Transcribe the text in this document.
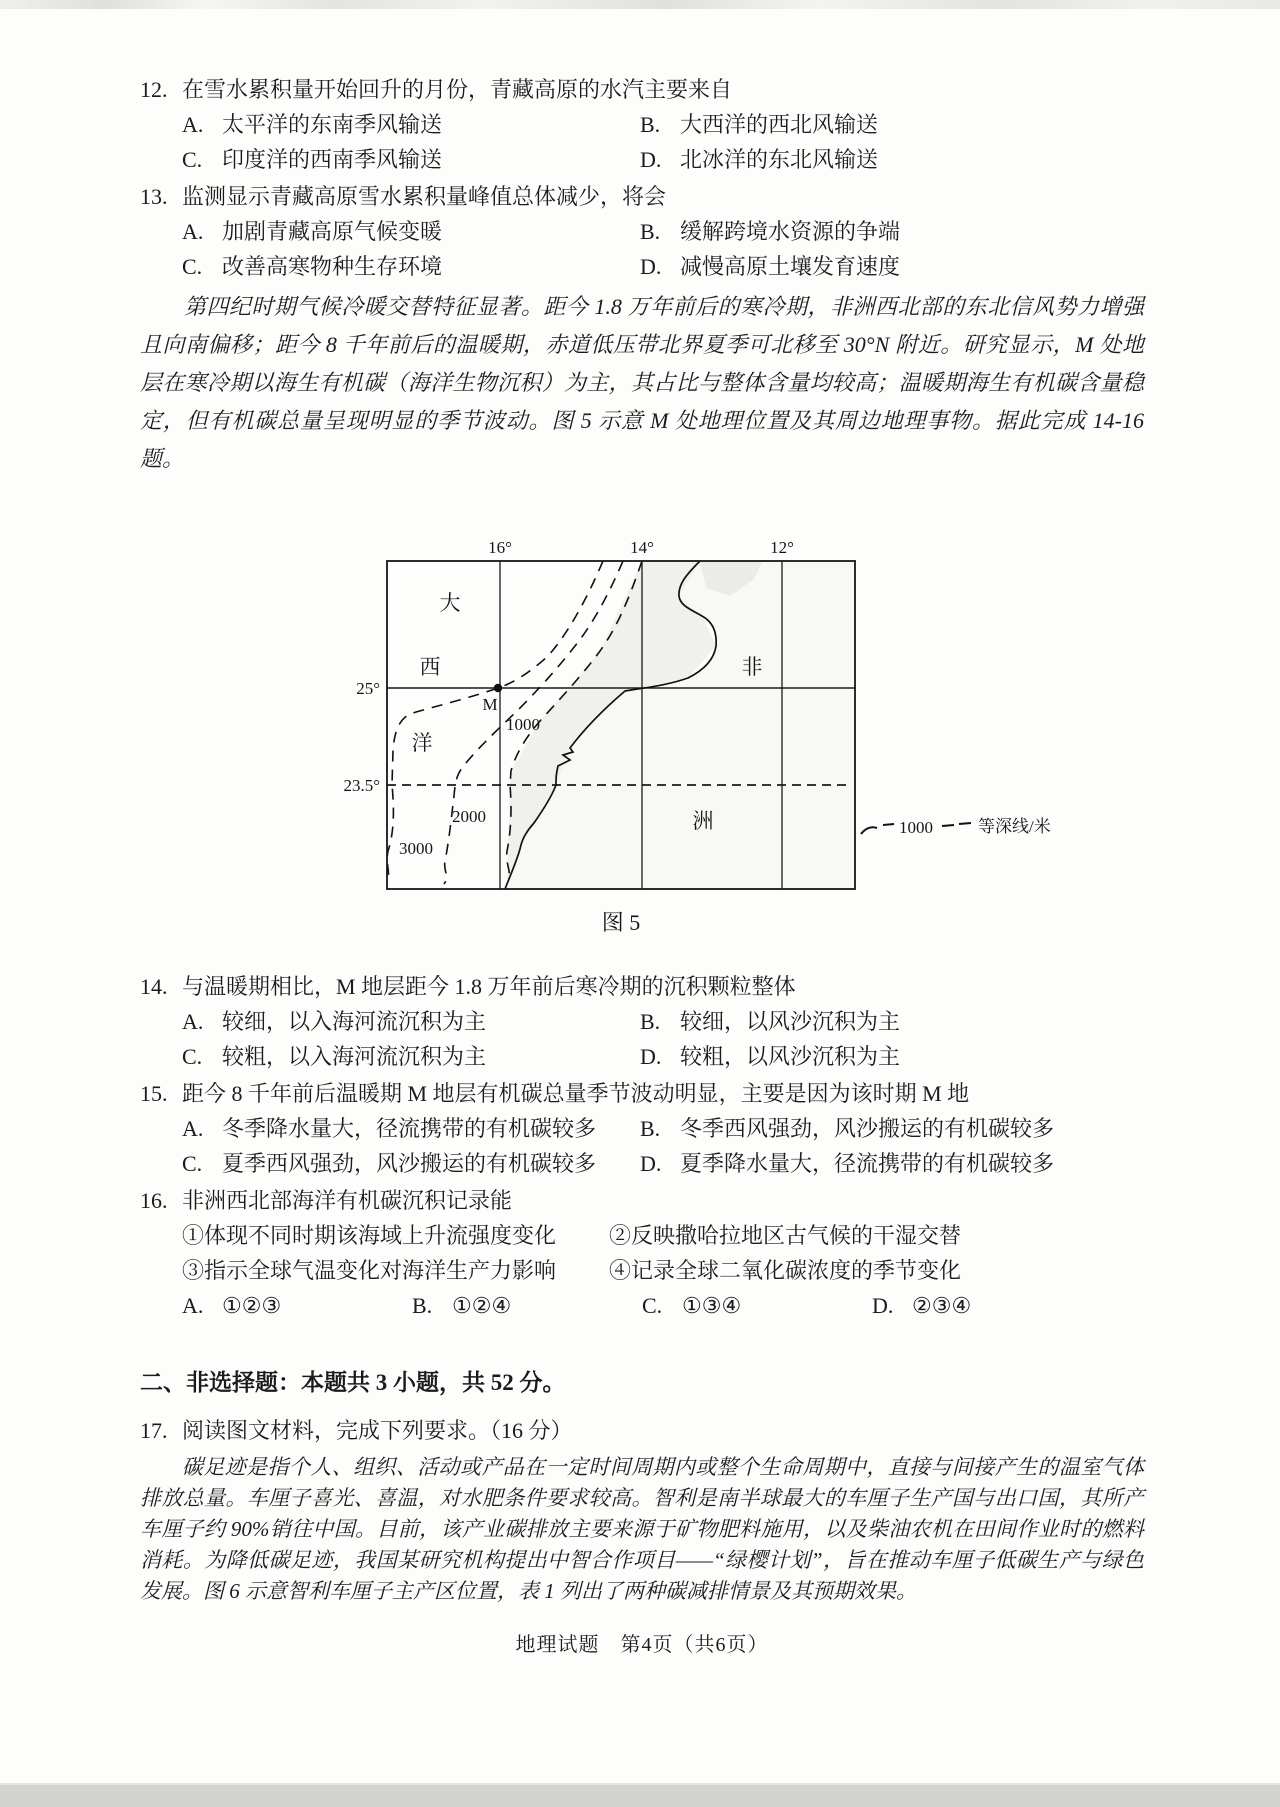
12. 在雪水累积量开始回升的月份，青藏高原的水汽主要来自
A. 太平洋的东南季风输送	B. 大西洋的西北风输送
C. 印度洋的西南季风输送	D. 北冰洋的东北风输送
13. 监测显示青藏高原雪水累积量峰值总体减少，将会
A. 加剧青藏高原气候变暖	B. 缓解跨境水资源的争端
C. 改善高寒物种生存环境	D. 减慢高原土壤发育速度

第四纪时期气候冷暖交替特征显著。距今 1.8 万年前后的寒冷期，非洲西北部的东北信风势力增强且向南偏移；距今 8 千年前后的温暖期，赤道低压带北界夏季可北移至 30°N 附近。研究显示，M 处地层在寒冷期以海生有机碳（海洋生物沉积）为主，其占比与整体含量均较高；温暖期海生有机碳含量稳定，但有机碳总量呈现明显的季节波动。图 5 示意 M 处地理位置及其周边地理事物。据此完成 14-16 题。

16°	14°	12°
25°
23.5°
大
西
洋
非
洲
M
1000
2000
3000
1000	等深线/米
图 5
14. 与温暖期相比，M 地层距今 1.8 万年前后寒冷期的沉积颗粒整体
A. 较细，以入海河流沉积为主	B. 较细，以风沙沉积为主
C. 较粗，以入海河流沉积为主	D. 较粗，以风沙沉积为主
15. 距今 8 千年前后温暖期 M 地层有机碳总量季节波动明显，主要是因为该时期 M 地
A. 冬季降水量大，径流携带的有机碳较多 B. 冬季西风强劲，风沙搬运的有机碳较多
C. 夏季西风强劲，风沙搬运的有机碳较多 D. 夏季降水量大，径流携带的有机碳较多
16. 非洲西北部海洋有机碳沉积记录能
①体现不同时期该海域上升流强度变化 ②反映撒哈拉地区古气候的干湿交替
③指示全球气温变化对海洋生产力影响 ④记录全球二氧化碳浓度的季节变化
A. ①②③	B. ①②④	C. ①③④	D. ②③④
二、非选择题：本题共 3 小题，共 52 分。
17. 阅读图文材料，完成下列要求。（16 分）

碳足迹是指个人、组织、活动或产品在一定时间周期内或整个生命周期中，直接与间接产生的温室气体排放总量。车厘子喜光、喜温，对水肥条件要求较高。智利是南半球最大的车厘子生产国与出口国，其所产车厘子约 90%销往中国。目前，该产业碳排放主要来源于矿物肥料施用，以及柴油农机在田间作业时的燃料消耗。为降低碳足迹，我国某研究机构提出中智合作项目——“绿樱计划”，旨在推动车厘子低碳生产与绿色发展。图 6 示意智利车厘子主产区位置，表 1 列出了两种碳减排情景及其预期效果。

地理试题　第4页（共6页）
